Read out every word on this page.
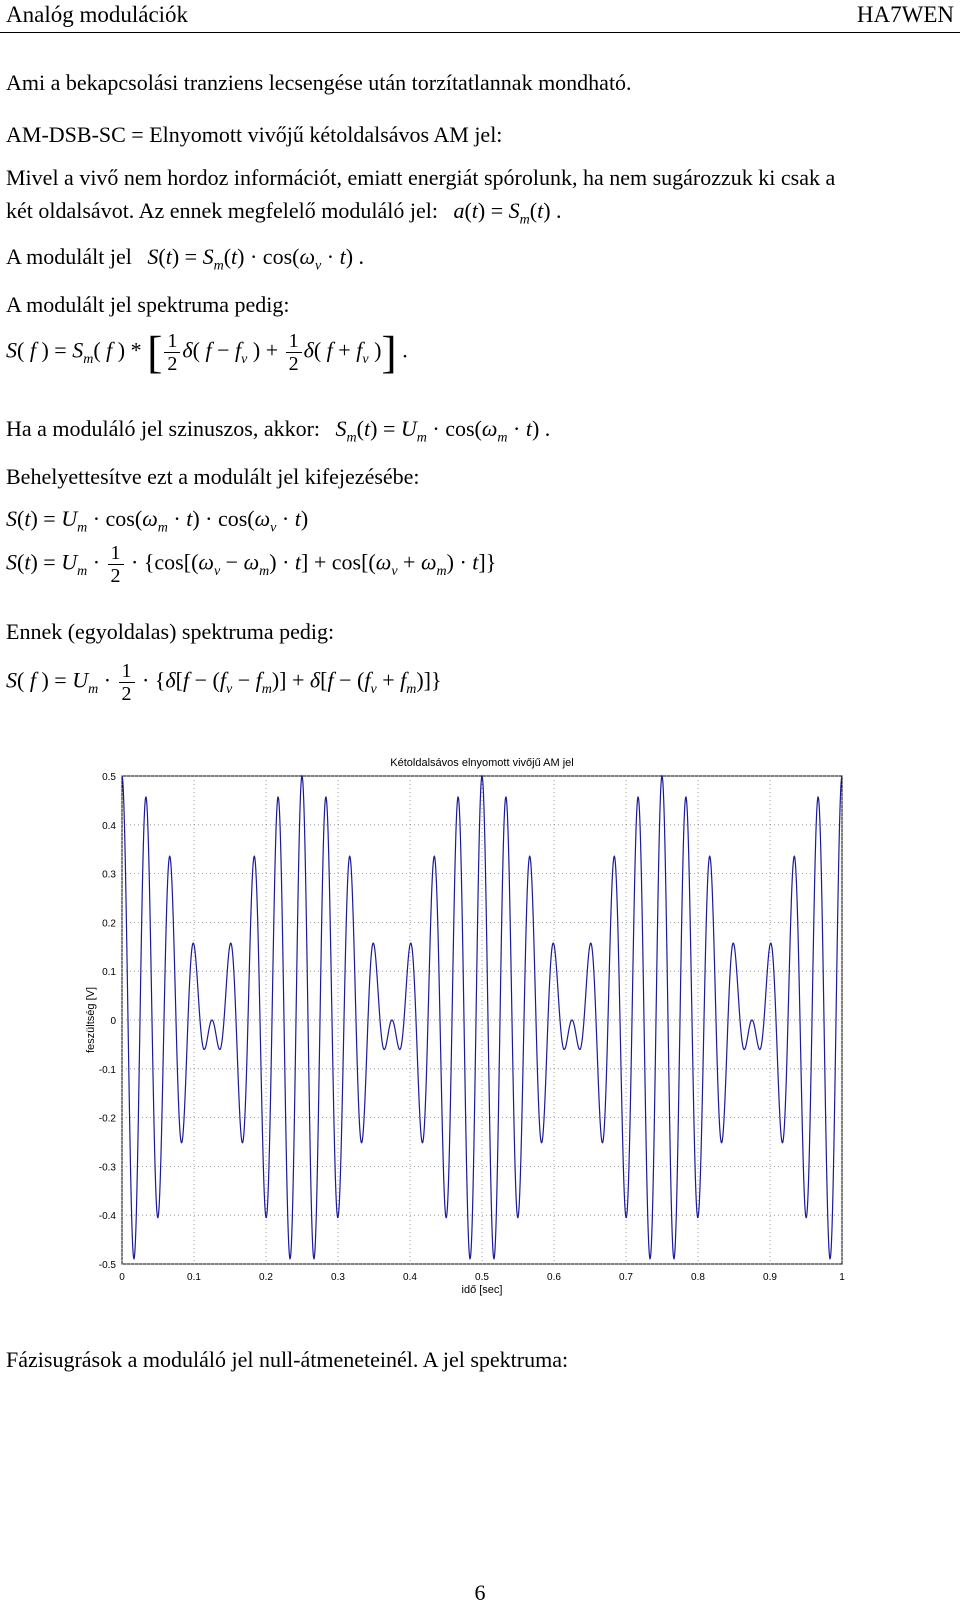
Analóg modulációk	HA7WEN
Ami a bekapcsolási tranziens lecsengése után torzítatlannak mondható.
AM-DSB-SC = Elnyomott vivőjű kétoldalsávos AM jel:
Mivel a vivő nem hordoz információt, emiatt energiát spórolunk, ha nem sugározzuk ki csak a
két oldalsávot. Az ennek megfelelő moduláló jel: $a(t) = S_m(t)$ .
A modulált jel $S(t) = S_m(t) \cdot \cos(\omega_v \cdot t)$ .
A modulált jel spektruma pedig:
S( f ) = $S_m$( f ) * [ $\frac{1}{2} \delta$( $f - f_v$ ) + $\frac{1}{2} \delta$( $f + f_v$ )] .
Ha a moduláló jel szinuszos, akkor: $S_m(t) = U_m \cdot \cos(\omega_m \cdot t)$ .
Behelyettesítve ezt a modulált jel kifejezésébe:
$S(t) = U_m \cdot \cos(\omega_m \cdot t) \cdot \cos(\omega_v \cdot t)$
$S(t) = U_m \cdot \frac{1}{2} \cdot \{\cos[(\omega_v - \omega_m) \cdot t] + \cos[(\omega_v + \omega_m) \cdot t]\}$
Ennek (egyoldalas) spektruma pedig:
S( f ) = $U_m \cdot \frac{1}{2} \cdot \{\delta[f - (f_v - f_m)] + \delta[f - (f_v + f_m)]\}$
0	0.1	0.2	0.3	0.4	0.5	0.6	0.7	0.8	0.9	1
-0.5
-0.4
-0.3
-0.2
-0.1
0
0.1
0.2
0.3
0.4
0.5
Kétoldalsávos elnyomott vivőjű AM jel
idő [sec]
feszültség [V]
Fázisugrások a moduláló jel null-átmeneteinél. A jel spektruma:
6
